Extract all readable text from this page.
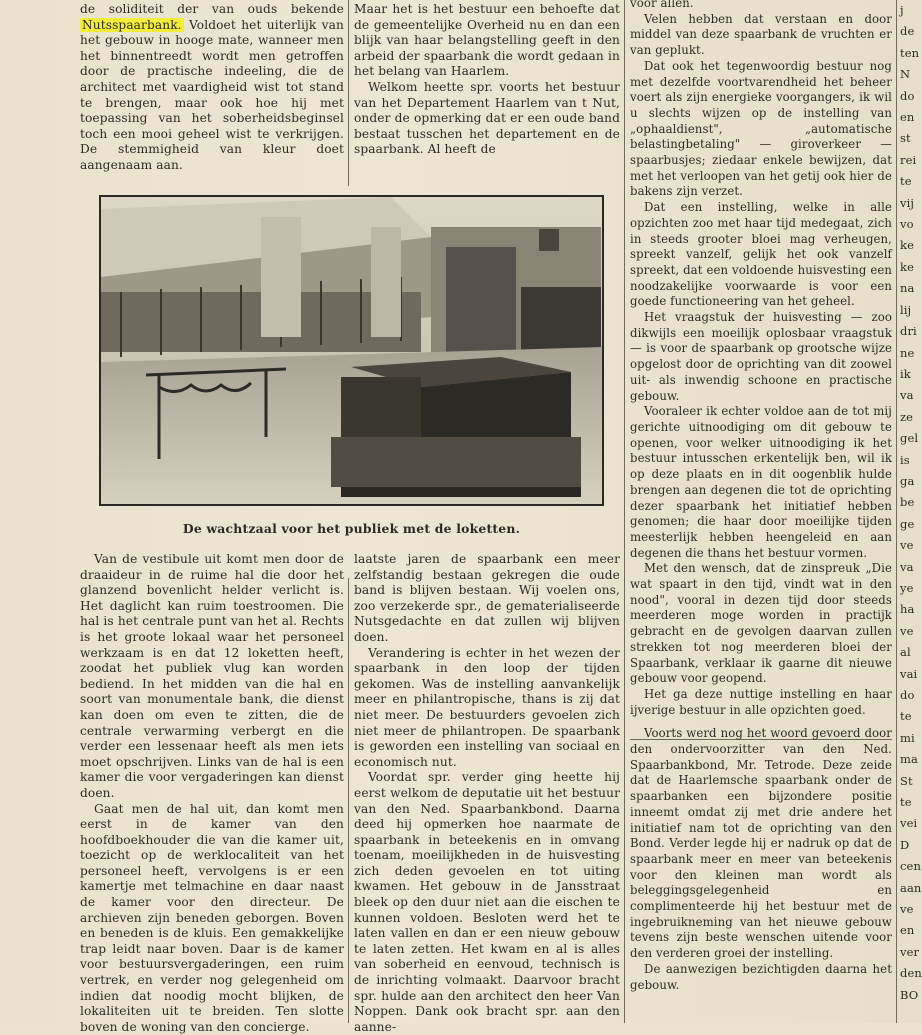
de soliditeit der van ouds bekende Nutsspaarbank. Voldoet het uiterlijk van het gebouw in hooge mate, wanneer men het binnentreedt wordt men getroffen door de practische indeeling, die de architect met vaardigheid wist tot stand te brengen, maar ook hoe hij met toepassing van het soberheidsbeginsel toch een mooi geheel wist te verkrijgen. De stemmigheid van kleur doet aangenaam aan.

Maar het is het bestuur een behoefte dat de gemeentelijke Overheid nu en dan een blijk van haar belangstelling geeft in den arbeid der spaarbank die wordt gedaan in het belang van Haarlem.

Welkom heette spr. voorts het bestuur van het Departement Haarlem van t Nut, onder de opmerking dat er een oude band bestaat tusschen het departement en de spaarbank. Al heeft de

De wachtzaal voor het publiek met de loketten.

Van de vestibule uit komt men door de draaideur in de ruime hal die door het glanzend bovenlicht helder verlicht is. Het daglicht kan ruim toestroomen. Die hal is het centrale punt van het al. Rechts is het groote lokaal waar het personeel werkzaam is en dat 12 loketten heeft, zoodat het publiek vlug kan worden bediend. In het midden van die hal en soort van monumentale bank, die dienst kan doen om even te zitten, die de centrale verwarming verbergt en die verder een lessenaar heeft als men iets moet opschrijven. Links van de hal is een kamer die voor vergaderingen kan dienst doen.

Gaat men de hal uit, dan komt men eerst in de kamer van den hoofdboekhouder die van die kamer uit, toezicht op de werklocaliteit van het personeel heeft, vervolgens is er een kamertje met telmachine en daar naast de kamer voor den directeur. De archieven zijn beneden geborgen. Boven en beneden is de kluis. Een gemakkelijke trap leidt naar boven. Daar is de kamer voor bestuursvergaderingen, een ruim vertrek, en verder nog gelegenheid om indien dat noodig mocht blijken, de lokaliteiten uit te breiden. Ten slotte boven de woning van den concierge.

laatste jaren de spaarbank een meer zelfstandig bestaan gekregen die oude band is blijven bestaan. Wij voelen ons, zoo verzekerde spr., de gematerialiseerde Nutsgedachte en dat zullen wij blijven doen.

Verandering is echter in het wezen der spaarbank in den loop der tijden gekomen. Was de instelling aanvankelijk meer en philantropische, thans is zij dat niet meer. De bestuurders gevoelen zich niet meer de philantropen. De spaarbank is geworden een instelling van sociaal en economisch nut.

Voordat spr. verder ging heette hij eerst welkom de deputatie uit het bestuur van den Ned. Spaarbankbond. Daarna deed hij opmerken hoe naarmate de spaarbank in beteekenis en in omvang toenam, moeilijkheden in de huisvesting zich deden gevoelen en tot uiting kwamen. Het gebouw in de Jansstraat bleek op den duur niet aan die eischen te kunnen voldoen. Besloten werd het te laten vallen en dan er een nieuw gebouw te laten zetten. Het kwam en al is alles van soberheid en eenvoud, technisch is de inrichting volmaakt. Daarvoor bracht spr. hulde aan den architect den heer Van Noppen. Dank ook bracht spr. aan den aanne-

voor allen.

Velen hebben dat verstaan en door middel van deze spaarbank de vruchten er van geplukt.

Dat ook het tegenwoordig bestuur nog met dezelfde voortvarendheid het beheer voert als zijn energieke voorgangers, ik wil u slechts wijzen op de instelling van „ophaaldienst", „automatische belastingbetaling" — giroverkeer — spaarbusjes; ziedaar enkele bewijzen, dat met het verloopen van het getij ook hier de bakens zijn verzet.

Dat een instelling, welke in alle opzichten zoo met haar tijd medegaat, zich in steeds grooter bloei mag verheugen, spreekt vanzelf, gelijk het ook vanzelf spreekt, dat een voldoende huisvesting een noodzakelijke voorwaarde is voor een goede functioneering van het geheel.

Het vraagstuk der huisvesting — zoo dikwijls een moeilijk oplosbaar vraagstuk — is voor de spaarbank op grootsche wijze opgelost door de oprichting van dit zoowel uit- als inwendig schoone en practische gebouw.

Vooraleer ik echter voldoe aan de tot mij gerichte uitnoodiging om dit gebouw te openen, voor welker uitnoodiging ik het bestuur intusschen erkentelijk ben, wil ik op deze plaats en in dit oogenblik hulde brengen aan degenen die tot de oprichting dezer spaarbank het initiatief hebben genomen; die haar door moeilijke tijden meesterlijk hebben heengeleid en aan degenen die thans het bestuur vormen.

Met den wensch, dat de zinspreuk „Die wat spaart in den tijd, vindt wat in den nood", vooral in dezen tijd door steeds meerderen moge worden in practijk gebracht en de gevolgen daarvan zullen strekken tot nog meerderen bloei der Spaarbank, verklaar ik gaarne dit nieuwe gebouw voor geopend.

Het ga deze nuttige instelling en haar ijverige bestuur in alle opzichten goed.

Voorts werd nog het woord gevoerd door den ondervoorzitter van den Ned. Spaarbankbond, Mr. Tetrode. Deze zeide dat de Haarlemsche spaarbank onder de spaarbanken een bijzondere positie inneemt omdat zij met drie andere het initiatief nam tot de oprichting van den Bond. Verder legde hij er nadruk op dat de spaarbank meer en meer van beteekenis voor den kleinen man wordt als beleggingsgelegenheid en complimenteerde hij het bestuur met de ingebruikneming van het nieuwe gebouw tevens zijn beste wenschen uitende voor den verderen groei der instelling.

De aanwezigen bezichtigden daarna het gebouw.

j
de
ten
N
do
en
st
rei
te
vij
vo
ke
ke
na
lij
dri
ne
ik
va
ze
gel
is
ga
be
ge
ve
va
ye
ha
ve
al
vai
do
te
mi
ma
St
te
vei
D
cen
aan
ve
en
ver
den
BO
